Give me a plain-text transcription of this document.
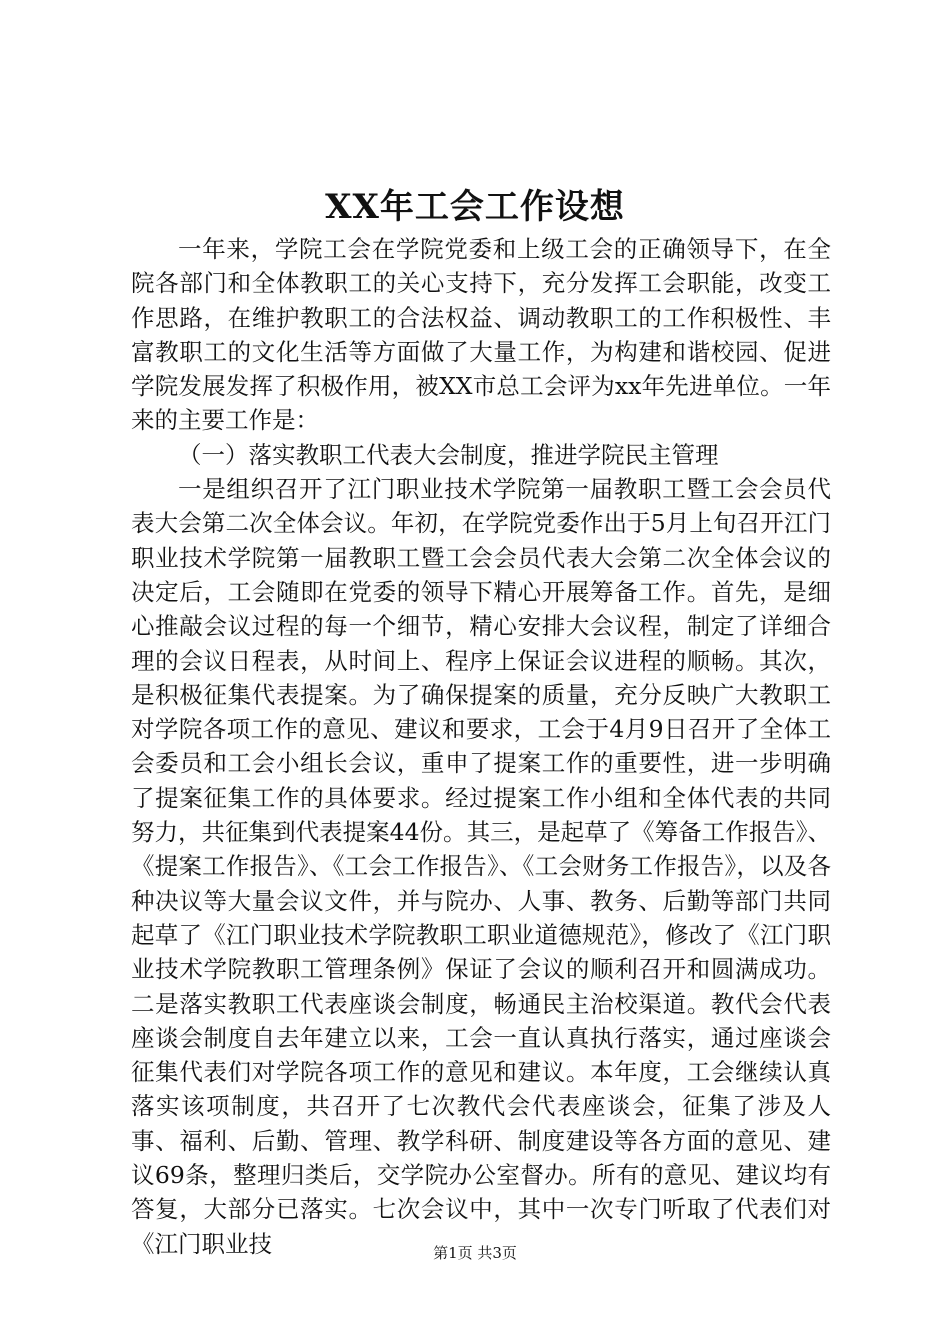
XX年工会工作设想

一年来，学院工会在学院党委和上级工会的正确领导下，在全院各部门和全体教职工的关心支持下，充分发挥工会职能，改变工作思路，在维护教职工的合法权益、调动教职工的工作积极性、丰富教职工的文化生活等方面做了大量工作，为构建和谐校园、促进学院发展发挥了积极作用，被XX市总工会评为xx年先进单位。一年来的主要工作是：

（一）落实教职工代表大会制度，推进学院民主管理

一是组织召开了江门职业技术学院第一届教职工暨工会会员代表大会第二次全体会议。年初，在学院党委作出于5月上旬召开江门职业技术学院第一届教职工暨工会会员代表大会第二次全体会议的决定后，工会随即在党委的领导下精心开展筹备工作。首先，是细心推敲会议过程的每一个细节，精心安排大会议程，制定了详细合理的会议日程表，从时间上、程序上保证会议进程的顺畅。其次，是积极征集代表提案。为了确保提案的质量，充分反映广大教职工对学院各项工作的意见、建议和要求，工会于4月9日召开了全体工会委员和工会小组长会议，重申了提案工作的重要性，进一步明确了提案征集工作的具体要求。经过提案工作小组和全体代表的共同努力，共征集到代表提案44份。其三，是起草了《筹备工作报告》、《提案工作报告》、《工会工作报告》、《工会财务工作报告》，以及各种决议等大量会议文件，并与院办、人事、教务、后勤等部门共同起草了《江门职业技术学院教职工职业道德规范》，修改了《江门职业技术学院教职工管理条例》保证了会议的顺利召开和圆满成功。二是落实教职工代表座谈会制度，畅通民主治校渠道。教代会代表座谈会制度自去年建立以来，工会一直认真执行落实，通过座谈会征集代表们对学院各项工作的意见和建议。本年度，工会继续认真落实该项制度，共召开了七次教代会代表座谈会，征集了涉及人事、福利、后勤、管理、教学科研、制度建设等各方面的意见、建议69条，整理归类后，交学院办公室督办。所有的意见、建议均有答复，大部分已落实。七次会议中，其中一次专门听取了代表们对《江门职业技	第1页 共3页
